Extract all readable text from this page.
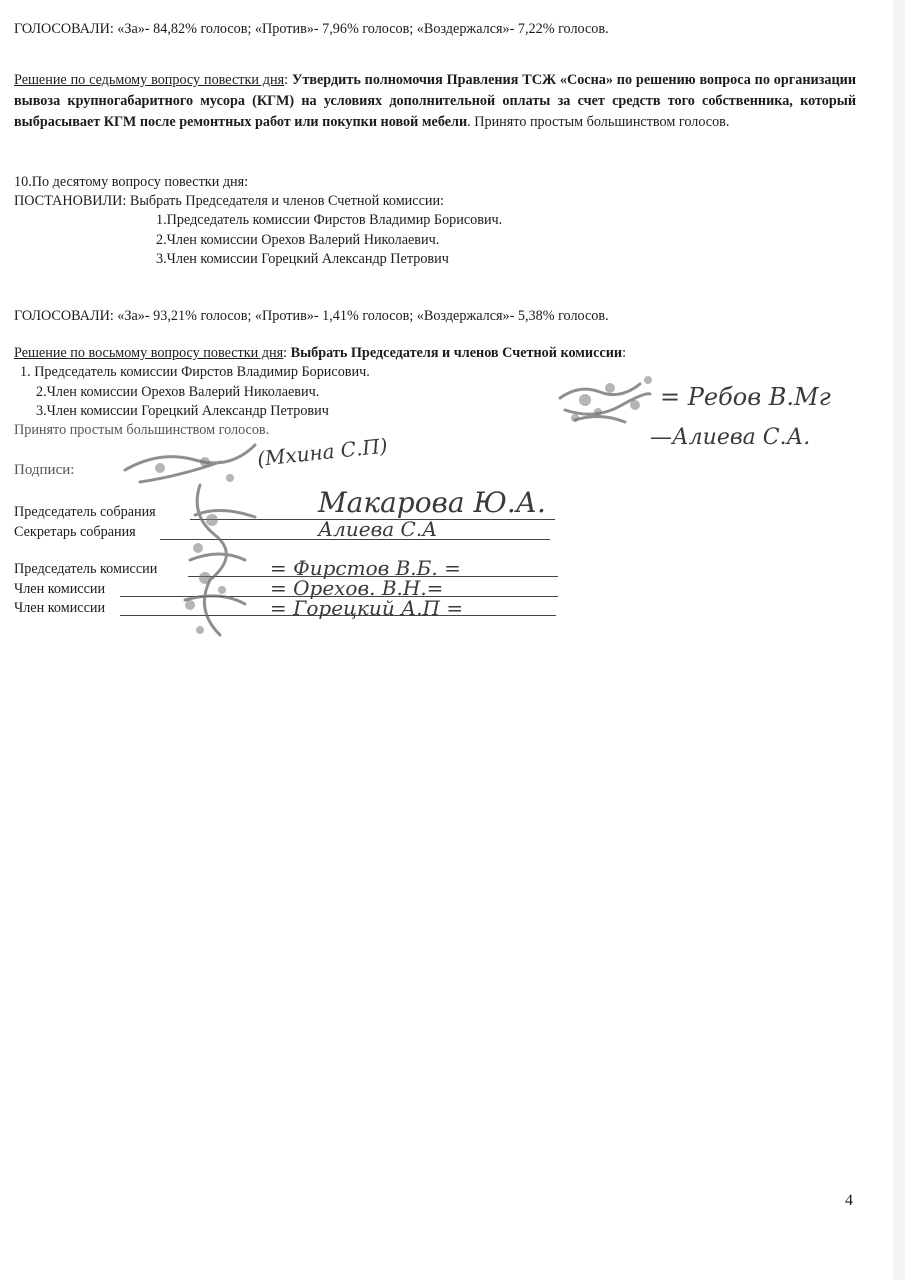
ГОЛОСОВАЛИ: «За»- 84,82% голосов; «Против»- 7,96% голосов; «Воздержался»- 7,22% голосов.
Решение по седьмому вопросу повестки дня: Утвердить полномочия Правления ТСЖ «Сосна» по решению вопроса по организации вывоза крупногабаритного мусора (КГМ) на условиях дополнительной оплаты за счет средств того собственника, который выбрасывает КГМ после ремонтных работ или покупки новой мебели. Принято простым большинством голосов.
10.По десятому вопросу повестки дня:
ПОСТАНОВИЛИ: Выбрать Председателя и членов Счетной комиссии:
1.Председатель комиссии Фирстов Владимир Борисович.
2.Член комиссии Орехов Валерий Николаевич.
3.Член комиссии Горецкий Александр Петрович
ГОЛОСОВАЛИ: «За»- 93,21% голосов; «Против»- 1,41% голосов; «Воздержался»- 5,38% голосов.
Решение по восьмому вопросу повестки дня: Выбрать Председателя и членов Счетной комиссии:
1. Председатель комиссии Фирстов Владимир Борисович.
2.Член комиссии Орехов Валерий Николаевич.
3.Член комиссии Горецкий Александр Петрович
Принято простым большинством голосов.
Подписи:
Председатель собрания
Секретарь собрания
Председатель комиссии
Член комиссии
Член комиссии
= Ребов В.Мг
—Алиева С.А.
(Мхина С.П)
Макарова Ю.А.
Алиева С.А
= Фирстов В.Б. =
= Орехов. В.Н.=
= Горецкий А.П =
4
